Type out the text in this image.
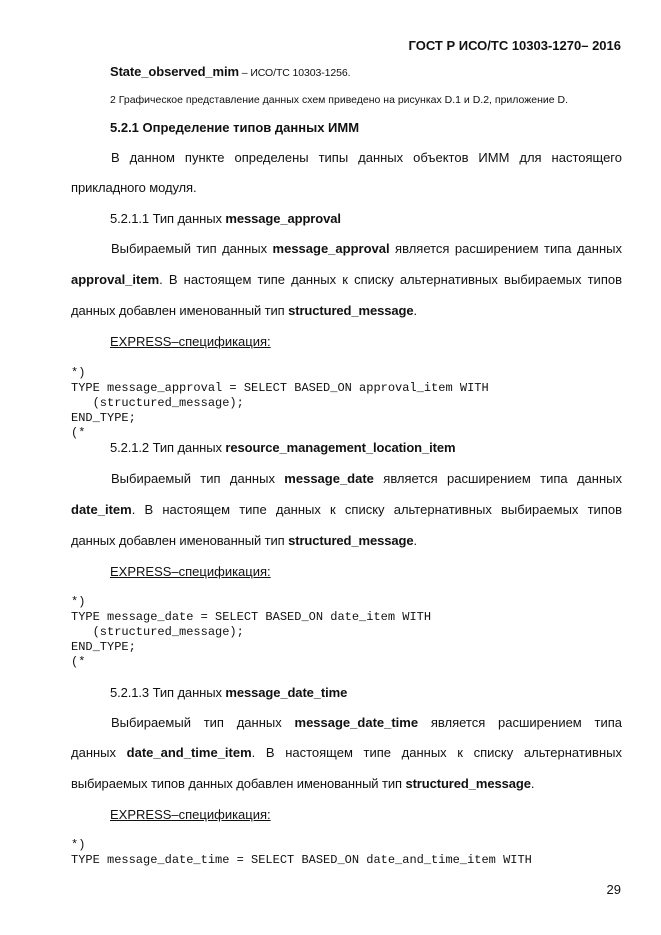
ГОСТ Р ИСО/ТС 10303-1270– 2016
State_observed_mim – ИСО/ТС 10303-1256.
2 Графическое представление данных схем приведено на рисунках D.1 и D.2, приложение D.
5.2.1 Определение типов данных ИММ
В данном пункте определены типы данных объектов ИММ для настоящего
прикладного модуля.
5.2.1.1 Тип данных message_approval
Выбираемый тип данных message_approval является расширением типа данных
approval_item. В настоящем типе данных к списку альтернативных выбираемых типов
данных добавлен именованный тип structured_message.
EXPRESS–спецификация:
*)
TYPE message_approval = SELECT BASED_ON approval_item WITH
(structured_message);
END_TYPE;
(*
5.2.1.2 Тип данных resource_management_location_item
Выбираемый тип данных message_date является расширением типа данных
date_item. В настоящем типе данных к списку альтернативных выбираемых типов
данных добавлен именованный тип structured_message.
EXPRESS–спецификация:
*)
TYPE message_date = SELECT BASED_ON date_item WITH
(structured_message);
END_TYPE;
(*
5.2.1.3 Тип данных message_date_time
Выбираемый тип данных message_date_time является расширением типа
данных date_and_time_item. В настоящем типе данных к списку альтернативных
выбираемых типов данных добавлен именованный тип structured_message.
EXPRESS–спецификация:
*)
TYPE message_date_time = SELECT BASED_ON date_and_time_item WITH
29
